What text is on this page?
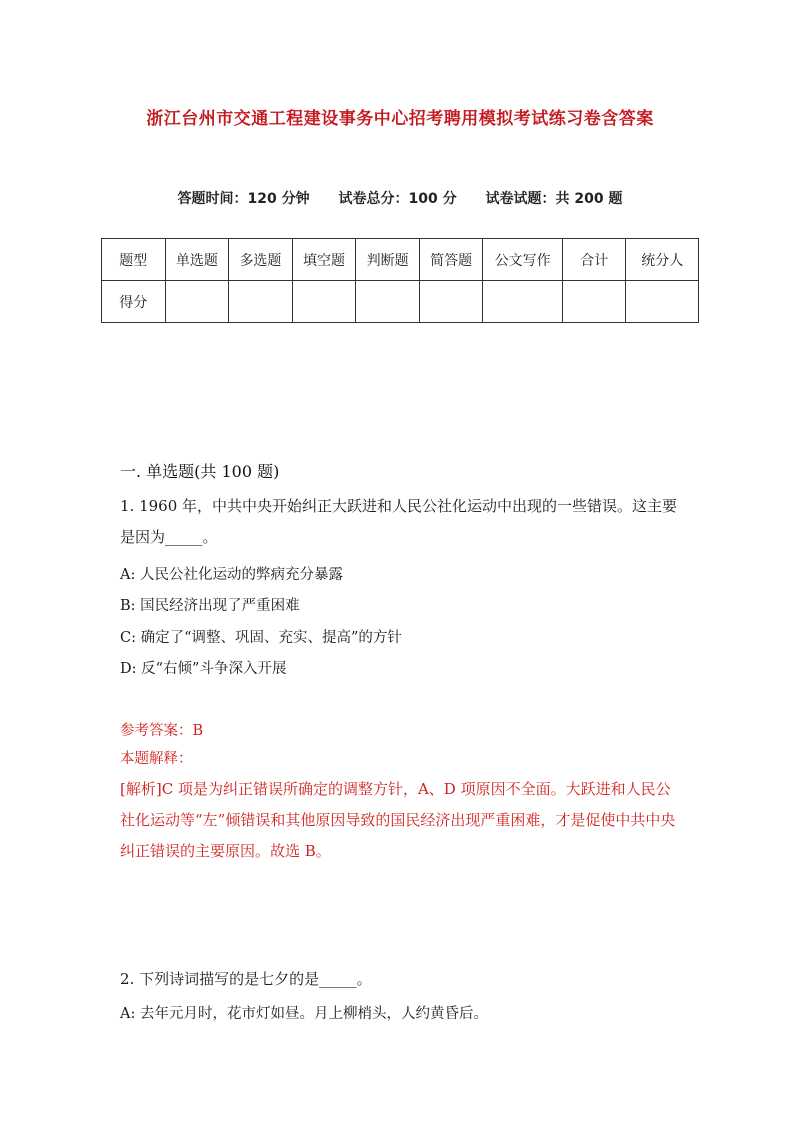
浙江台州市交通工程建设事务中心招考聘用模拟考试练习卷含答案
答题时间：120 分钟 试卷总分：100 分 试卷试题：共 200 题
题型	单选题	多选题	填空题	判断题	简答题	公文写作	合计	统分人
得分								
一. 单选题(共 100 题)
1. 1960 年，中共中央开始纠正大跃进和人民公社化运动中出现的一些错误。这主要是因为_____。
A: 人民公社化运动的弊病充分暴露
B: 国民经济出现了严重困难
C: 确定了“调整、巩固、充实、提高”的方针
D: 反“右倾”斗争深入开展
参考答案：B
本题解释：
[解析]C 项是为纠正错误所确定的调整方针，A、D 项原因不全面。大跃进和人民公社化运动等“左”倾错误和其他原因导致的国民经济出现严重困难，才是促使中共中央纠正错误的主要原因。故选 B。
2. 下列诗词描写的是七夕的是_____。
A: 去年元月时，花市灯如昼。月上柳梢头，人约黄昏后。
